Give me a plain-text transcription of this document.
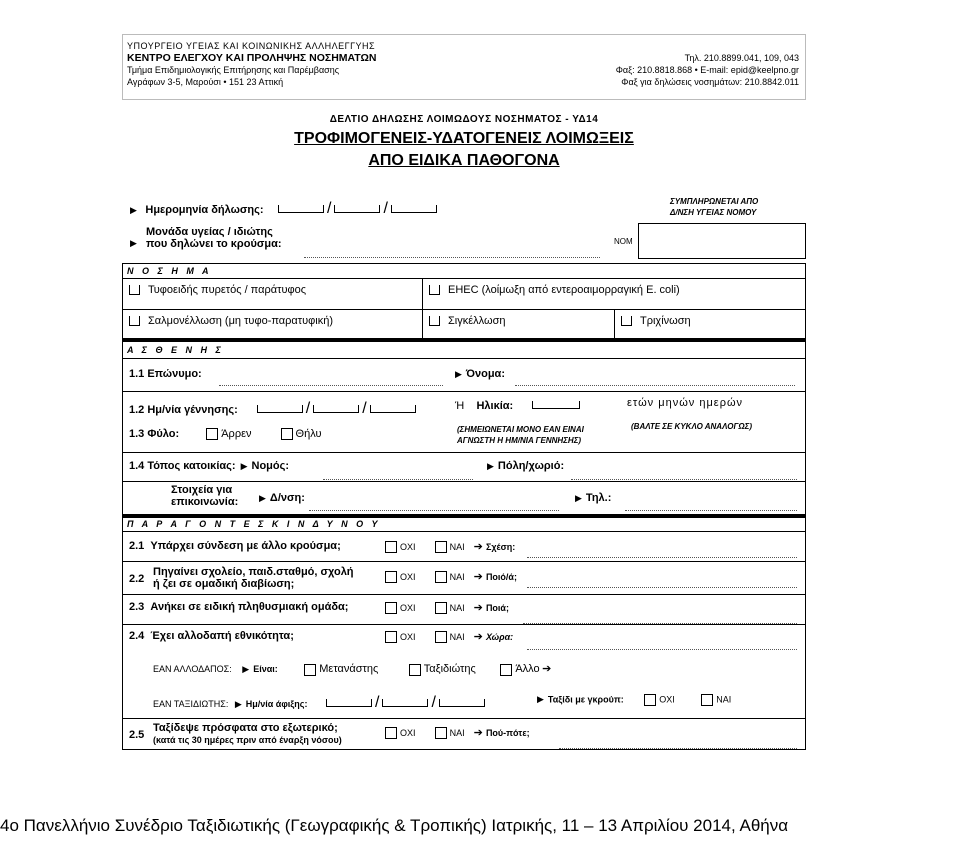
ΥΠΟΥΡΓΕΙΟ ΥΓΕΙΑΣ ΚΑΙ ΚΟΙΝΩΝΙΚΗΣ ΑΛΛΗΛΕΓΓΥΗΣ
ΚΕΝΤΡΟ ΕΛΕΓΧΟΥ ΚΑΙ ΠΡΟΛΗΨΗΣ ΝΟΣΗΜΑΤΩΝ
Τμήμα Επιδημιολογικής Επιτήρησης και Παρέμβασης
Αγράφων 3-5, Μαρούσι • 151 23 Αττική
Τηλ. 210.8899.041, 109, 043
Φαξ: 210.8818.868 • E-mail: epid@keelpno.gr
Φαξ για δηλώσεις νοσημάτων: 210.8842.011
ΔΕΛΤΙΟ ΔΗΛΩΣΗΣ ΛΟΙΜΩΔΟΥΣ ΝΟΣΗΜΑΤΟΣ - ΥΔ14
ΤΡΟΦΙΜΟΓΕΝΕΙΣ-ΥΔΑΤΟΓΕΝΕΙΣ ΛΟΙΜΩΞΕΙΣ
ΑΠΟ ΕΙΔΙΚΑ ΠΑΘΟΓΟΝΑ
▶ Ημερομηνία δήλωσης:	/	/	ΣΥΜΠΛΗΡΩΝΕΤΑΙ ΑΠΟ
Δ/ΝΣΗ ΥΓΕΙΑΣ ΝΟΜΟΥ
▶
Μονάδα υγείας / ιδιώτης
που δηλώνει το κρούσμα:	ΝΟΜ
Ν Ο Σ Η Μ Α
Τυφοειδής πυρετός / παράτυφος	EHEC (λοίμωξη από εντεροαιμορραγική E. coli)
Σαλμονέλλωση (μη τυφο-παρατυφική)	Σιγκέλλωση	Τριχίνωση
Α Σ Θ Ε Ν Η Σ
1.1 Επώνυμο:	▶ Όνομα:
1.2 Ημ/νία γέννησης:	/	/	Ή Ηλικία:	ετών μηνών ημερών
(ΣΗΜΕΙΩΝΕΤΑΙ ΜΟΝΟ ΕΑΝ ΕΙΝΑΙ
ΑΓΝΩΣΤΗ Η ΗΜ/ΝΙΑ ΓΕΝΝΗΣΗΣ)
(ΒΑΛΤΕ ΣΕ ΚΥΚΛΟ ΑΝΑΛΟΓΩΣ)
1.3 Φύλο:	Άρρεν	Θήλυ
1.4 Τόπος κατοικίας: ▶ Νομός:	▶ Πόλη/χωριό:
Στοιχεία για
επικοινωνία: ▶ Δ/νση:	▶ Τηλ.:
Π Α Ρ Α Γ Ο Ν Τ Ε Σ Κ Ι Ν Δ Υ Ν Ο Υ
2.1 Υπάρχει σύνδεση με άλλο κρούσμα;	ΟΧΙ	ΝΑΙ ➔ Σχέση:
2.2
Πηγαίνει σχολείο, παιδ.σταθμό, σχολή
ή ζει σε ομαδική διαβίωση;
ΟΧΙ	ΝΑΙ ➔ Ποιό/ά;
2.3 Ανήκει σε ειδική πληθυσμιακή ομάδα;	ΟΧΙ	ΝΑΙ ➔ Ποιά;
2.4 Έχει αλλοδαπή εθνικότητα;	ΟΧΙ	ΝΑΙ ➔ Χώρα:
ΕΑΝ ΑΛΛΟΔΑΠΟΣ: ▶ Είναι:	Μετανάστης	Ταξιδιώτης	Άλλο ➔
ΕΑΝ ΤΑΞΙΔΙΩΤΗΣ: ▶ Ημ/νία άφιξης:	/	/	▶ Ταξίδι με γκρούπ:	ΟΧΙ	ΝΑΙ
2.5
Ταξίδεψε πρόσφατα στο εξωτερικό;
(κατά τις 30 ημέρες πριν από έναρξη νόσου)
ΟΧΙ	ΝΑΙ ➔ Πού-πότε;
4ο Πανελλήνιο Συνέδριο Ταξιδιωτικής (Γεωγραφικής & Τροπικής) Ιατρικής, 11 – 13 Απριλίου 2014, Αθήνα
